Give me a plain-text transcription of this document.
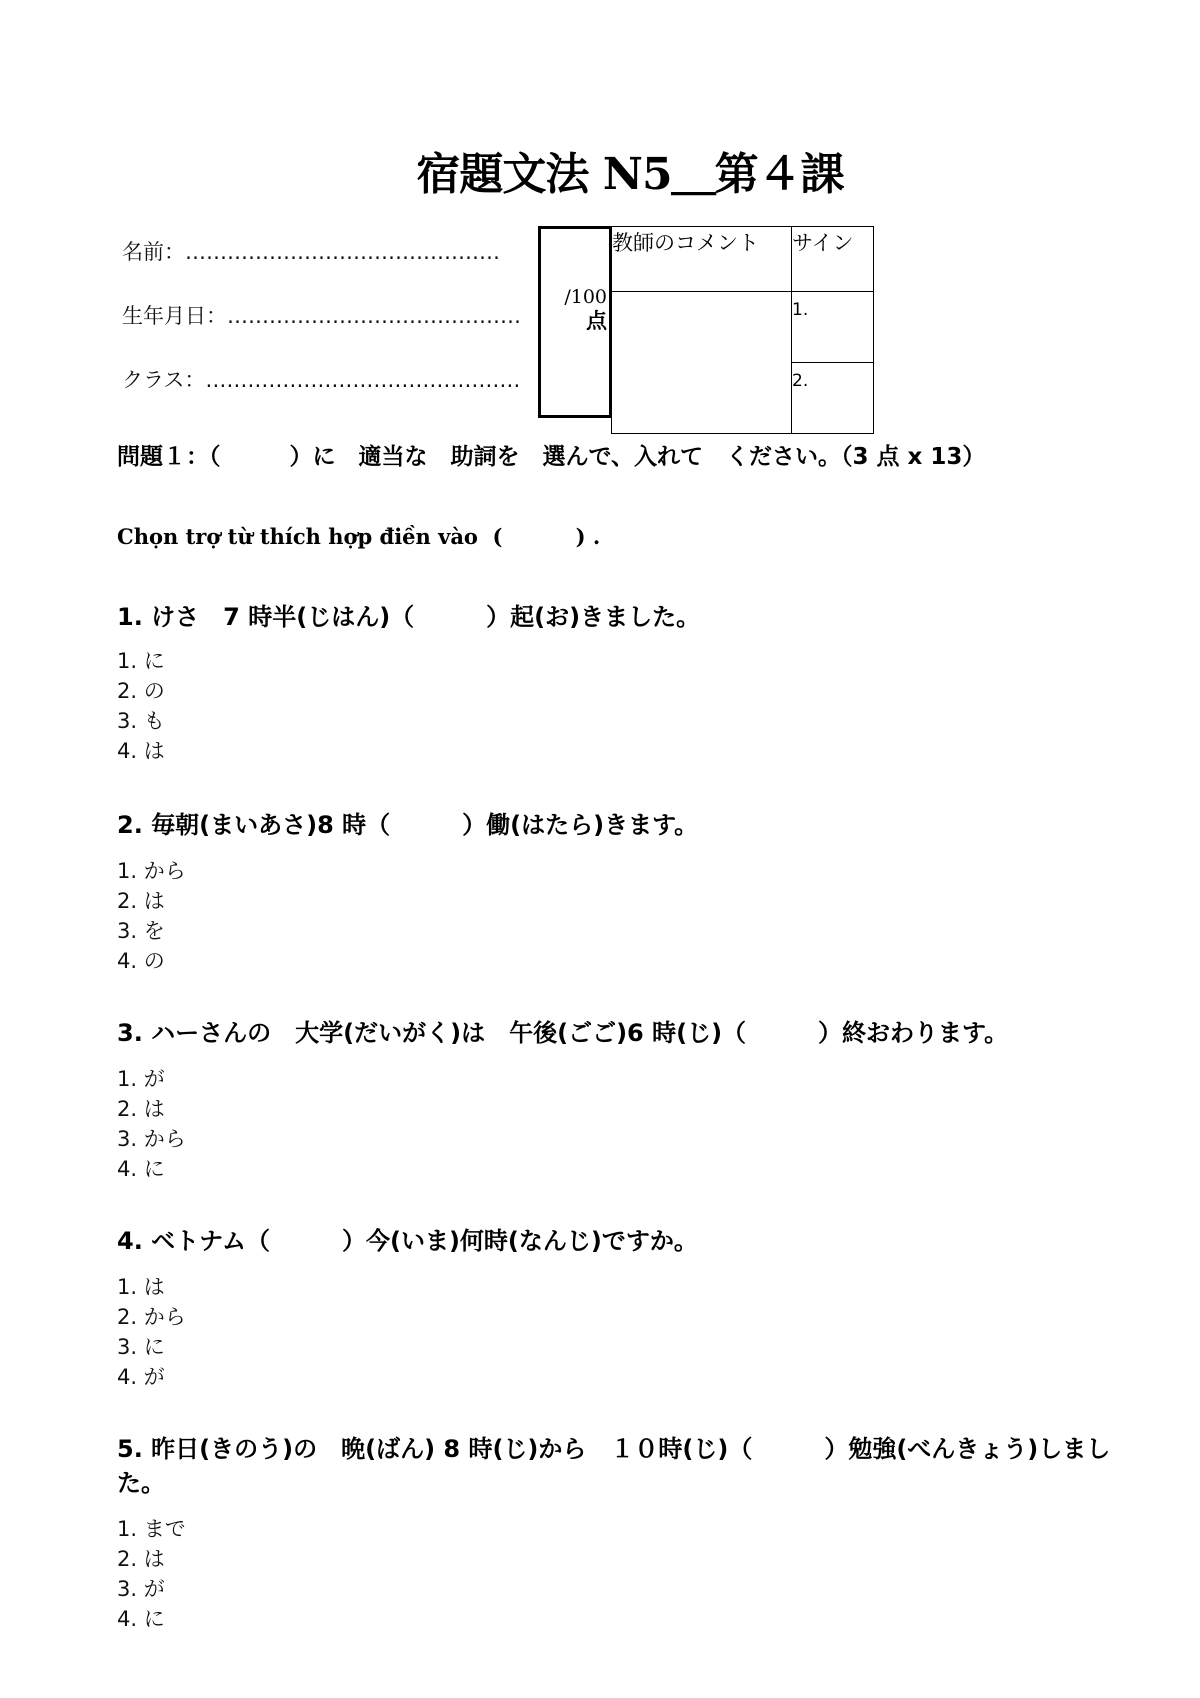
宿題文法 N5＿第４課
名前：………………………………………
生年月日：……………………………………
クラス：………………………………………
/100
点
教師のコメント	サイン
	1.
	2.
問題１：（　　　）に　適当な　助詞を　選んで、入れて　ください。（3 点 x 13）
Chọn trợ từ thích hợp điền vào  (          ) .
1. けさ　7 時半(じはん)（　　　）起(お)きました。
1. に
2. の
3. も
4. は
2. 毎朝(まいあさ)8 時（　　　）働(はたら)きます。
1. から
2. は
3. を
4. の
3. ハーさんの　大学(だいがく)は　午後(ごご)6 時(じ)（　　　）終おわります。
1. が
2. は
3. から
4. に
4. ベトナム（　　　）今(いま)何時(なんじ)ですか。
1. は
2. から
3. に
4. が
5. 昨日(きのう)の　晩(ばん) 8 時(じ)から　１０時(じ)（　　　）勉強(べんきょう)しました。
1. まで
2. は
3. が
4. に
